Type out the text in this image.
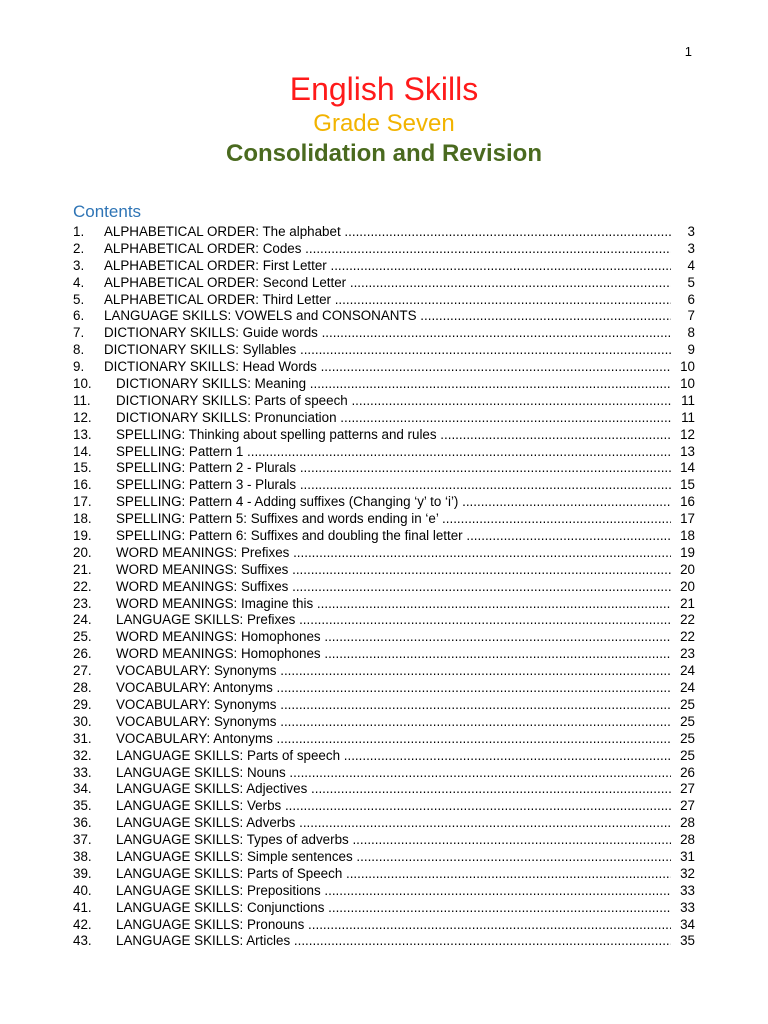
1
English Skills
Grade Seven
Consolidation and Revision
Contents
1. ALPHABETICAL ORDER: The alphabet .....	3
2. ALPHABETICAL ORDER: Codes .....	3
3. ALPHABETICAL ORDER: First Letter .....	4
4. ALPHABETICAL ORDER: Second Letter .....	5
5. ALPHABETICAL ORDER: Third Letter .....	6
6. LANGUAGE SKILLS: VOWELS and CONSONANTS .....	7
7. DICTIONARY SKILLS: Guide words .....	8
8. DICTIONARY SKILLS: Syllables .....	9
9. DICTIONARY SKILLS: Head Words .....	10
10. DICTIONARY SKILLS: Meaning .....	10
11. DICTIONARY SKILLS: Parts of speech .....	11
12. DICTIONARY SKILLS: Pronunciation .....	11
13. SPELLING: Thinking about spelling patterns and rules .....	12
14. SPELLING: Pattern 1 .....	13
15. SPELLING: Pattern 2 - Plurals .....	14
16. SPELLING: Pattern 3 - Plurals .....	15
17. SPELLING: Pattern 4 - Adding suffixes (Changing ‘y’ to ‘i’) .....	16
18. SPELLING: Pattern 5: Suffixes and words ending in ‘e’ .....	17
19. SPELLING: Pattern 6: Suffixes and doubling the final letter .....	18
20. WORD MEANINGS: Prefixes .....	19
21. WORD MEANINGS: Suffixes .....	20
22. WORD MEANINGS: Suffixes .....	20
23. WORD MEANINGS: Imagine this .....	21
24. LANGUAGE SKILLS: Prefixes .....	22
25. WORD MEANINGS: Homophones .....	22
26. WORD MEANINGS: Homophones .....	23
27. VOCABULARY: Synonyms .....	24
28. VOCABULARY: Antonyms .....	24
29. VOCABULARY: Synonyms .....	25
30. VOCABULARY: Synonyms .....	25
31. VOCABULARY: Antonyms .....	25
32. LANGUAGE SKILLS: Parts of speech .....	25
33. LANGUAGE SKILLS: Nouns .....	26
34. LANGUAGE SKILLS: Adjectives .....	27
35. LANGUAGE SKILLS: Verbs .....	27
36. LANGUAGE SKILLS: Adverbs .....	28
37. LANGUAGE SKILLS: Types of adverbs .....	28
38. LANGUAGE SKILLS: Simple sentences .....	31
39. LANGUAGE SKILLS: Parts of Speech .....	32
40. LANGUAGE SKILLS: Prepositions .....	33
41. LANGUAGE SKILLS: Conjunctions .....	33
42. LANGUAGE SKILLS: Pronouns .....	34
43. LANGUAGE SKILLS: Articles .....	35
